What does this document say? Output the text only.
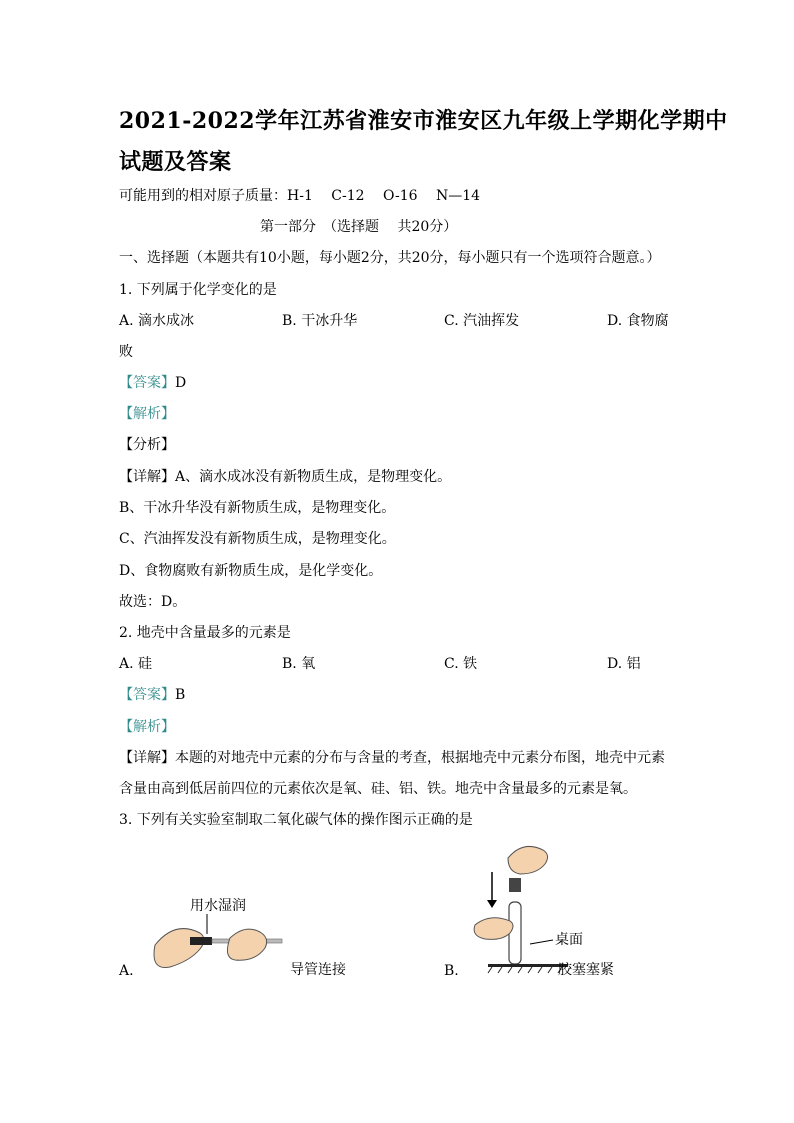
2021-2022学年江苏省淮安市淮安区九年级上学期化学期中
试题及答案
可能用到的相对原子质量：H-1　 C-12　 O-16　 N—14
第一部分　（选择题　 共20分）
一、选择题（本题共有10小题，每小题2分，共20分，每小题只有一个选项符合题意。）
1. 下列属于化学变化的是
A. 滴水成冰	B. 干冰升华	C. 汽油挥发	D. 食物腐
败
【答案】D
【解析】
【分析】
【详解】A、滴水成冰没有新物质生成，是物理变化。
B、干冰升华没有新物质生成，是物理变化。
C、汽油挥发没有新物质生成，是物理变化。
D、食物腐败有新物质生成，是化学变化。
故选：D。
2. 地壳中含量最多的元素是
A. 硅	B. 氧	C. 铁	D. 铝
【答案】B
【解析】
【详解】本题的对地壳中元素的分布与含量的考查，根据地壳中元素分布图，地壳中元素
含量由高到低居前四位的元素依次是氧、硅、铝、铁。地壳中含量最多的元素是氧。
3. 下列有关实验室制取二氧化碳气体的操作图示正确的是
A.	B.
用水湿润
导管连接
桌面
胶塞塞紧
